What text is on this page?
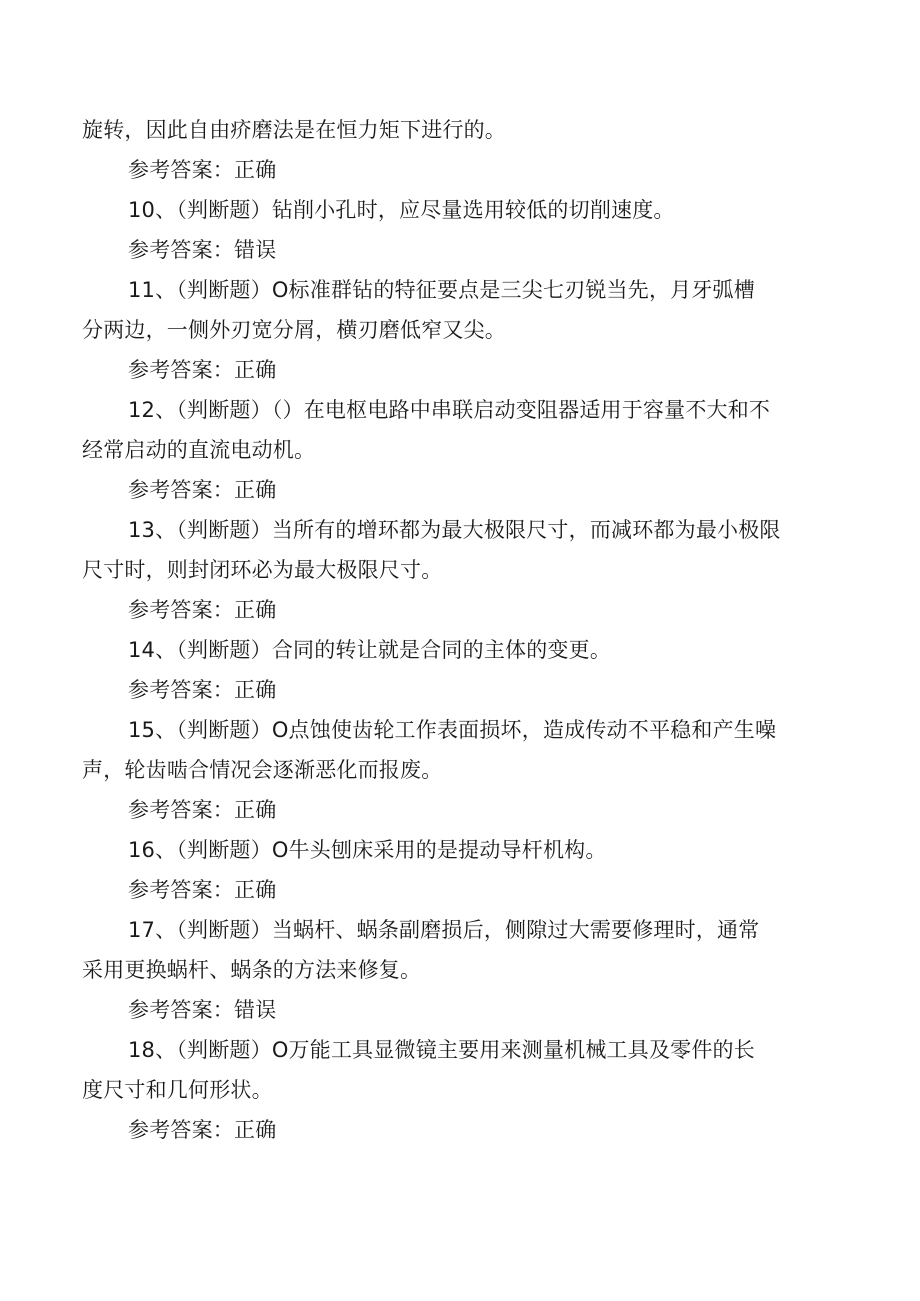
旋转，因此自由疥磨法是在恒力矩下进行的。
参考答案：正确
10、（判断题）钻削小孔时，应尽量选用较低的切削速度。
参考答案：错误
11、（判断题）O标准群钻的特征要点是三尖七刃锐当先，月牙弧槽
分两边，一侧外刃宽分屑，横刃磨低窄又尖。
参考答案：正确
12、（判断题）（）在电枢电路中串联启动变阻器适用于容量不大和不
经常启动的直流电动机。
参考答案：正确
13、（判断题）当所有的增环都为最大极限尺寸，而减环都为最小极限
尺寸时，则封闭环必为最大极限尺寸。
参考答案：正确
14、（判断题）合同的转让就是合同的主体的变更。
参考答案：正确
15、（判断题）O点蚀使齿轮工作表面损坏，造成传动不平稳和产生噪
声，轮齿啮合情况会逐渐恶化而报废。
参考答案：正确
16、（判断题）O牛头刨床采用的是提动导杆机构。
参考答案：正确
17、（判断题）当蜗杆、蜗条副磨损后，侧隙过大需要修理时，通常
采用更换蜗杆、蜗条的方法来修复。
参考答案：错误
18、（判断题）O万能工具显微镜主要用来测量机械工具及零件的长
度尺寸和几何形状。
参考答案：正确
